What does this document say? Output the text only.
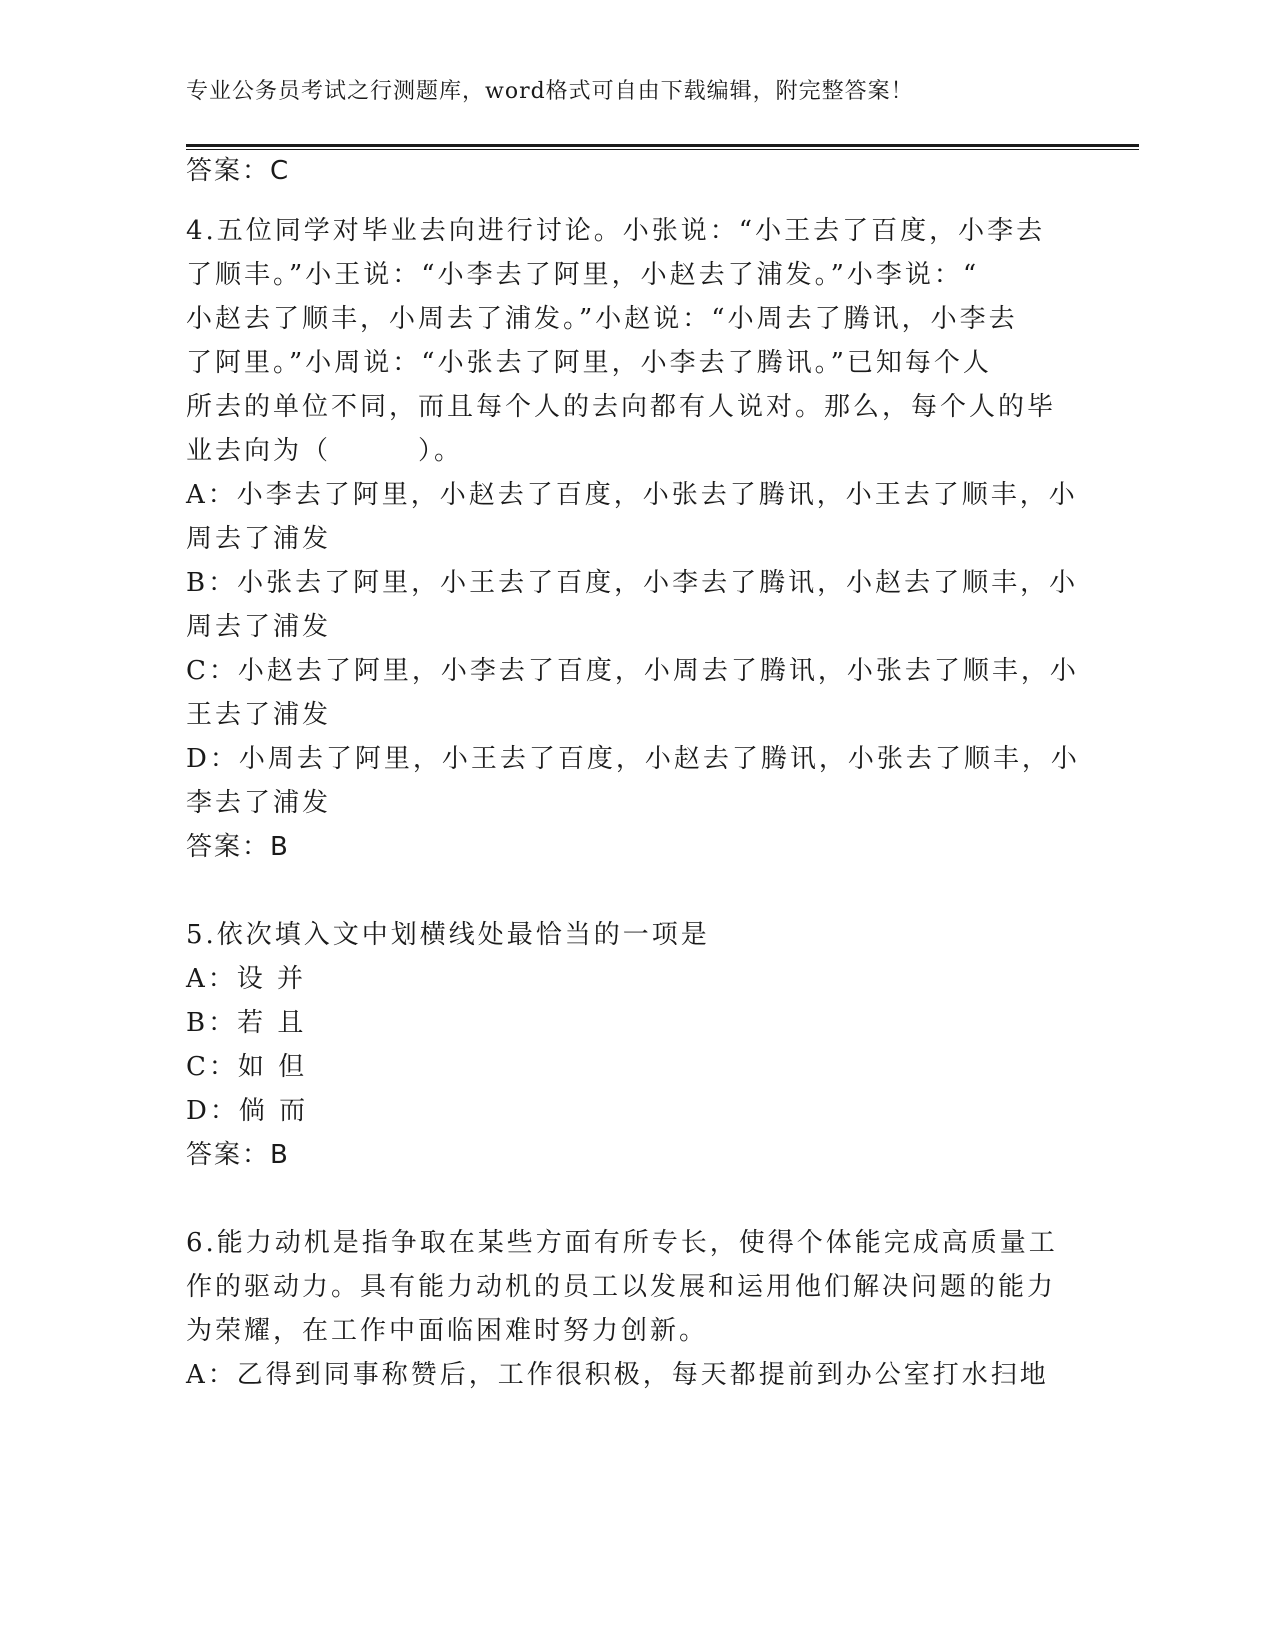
专业公务员考试之行测题库，word格式可自由下载编辑，附完整答案！
答案：C
4.五位同学对毕业去向进行讨论。小张说：“小王去了百度，小李去
了顺丰。”小王说：“小李去了阿里，小赵去了浦发。”小李说：“
小赵去了顺丰，小周去了浦发。”小赵说：“小周去了腾讯，小李去
了阿里。”小周说：“小张去了阿里，小李去了腾讯。”已知每个人
所去的单位不同，而且每个人的去向都有人说对。那么，每个人的毕
业去向为（　　　）。
A：小李去了阿里，小赵去了百度，小张去了腾讯，小王去了顺丰，小
周去了浦发
B：小张去了阿里，小王去了百度，小李去了腾讯，小赵去了顺丰，小
周去了浦发
C：小赵去了阿里，小李去了百度，小周去了腾讯，小张去了顺丰，小
王去了浦发
D：小周去了阿里，小王去了百度，小赵去了腾讯，小张去了顺丰，小
李去了浦发
答案：B
5.依次填入文中划横线处最恰当的一项是
A：设 并
B：若 且
C：如 但
D：倘 而
答案：B
6.能力动机是指争取在某些方面有所专长，使得个体能完成高质量工
作的驱动力。具有能力动机的员工以发展和运用他们解决问题的能力
为荣耀，在工作中面临困难时努力创新。
A：乙得到同事称赞后，工作很积极，每天都提前到办公室打水扫地
